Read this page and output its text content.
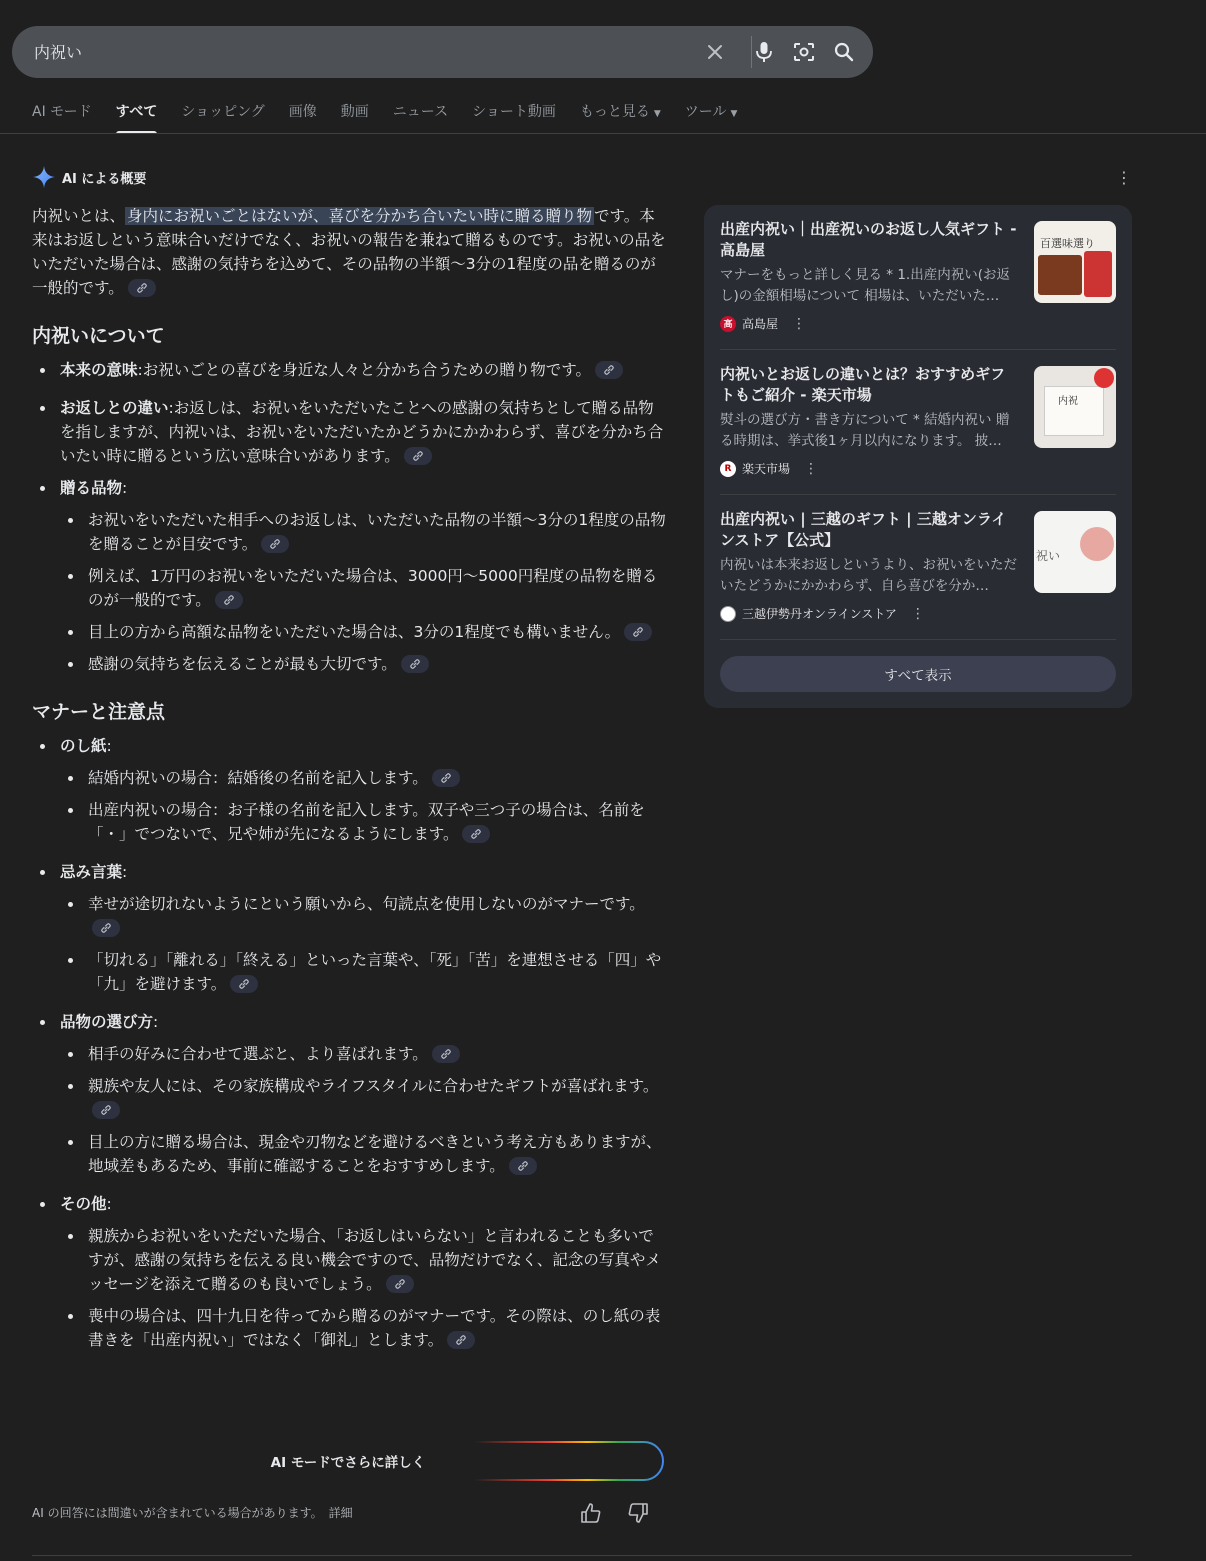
内祝い
AI モード すべて ショッピング 画像 動画 ニュース ショート動画 もっと見る ▼ ツール ▼
AI による概要	⋮

内祝いとは、 身内にお祝いごとはないが、喜びを分かち合いたい時に贈る贈り物 です。本来はお返しという意味合いだけでなく、お祝いの報告を兼ねて贈るものです。お祝いの品をいただいた場合は、感謝の気持ちを込めて、その品物の半額〜3分の1程度の品を贈るのが一般的です。

内祝いについて
本来の意味:お祝いごとの喜びを身近な人々と分かち合うための贈り物です。
お返しとの違い:お返しは、お祝いをいただいたことへの感謝の気持ちとして贈る品物を指しますが、内祝いは、お祝いをいただいたかどうかにかかわらず、喜びを分かち合いたい時に贈るという広い意味合いがあります。
贈る品物:
お祝いをいただいた相手へのお返しは、いただいた品物の半額〜3分の1程度の品物を贈ることが目安です。
例えば、1万円のお祝いをいただいた場合は、3000円〜5000円程度の品物を贈るのが一般的です。
目上の方から高額な品物をいただいた場合は、3分の1程度でも構いません。
感謝の気持ちを伝えることが最も大切です。
マナーと注意点
のし紙:
結婚内祝いの場合：結婚後の名前を記入します。
出産内祝いの場合：お子様の名前を記入します。双子や三つ子の場合は、名前を「・」でつないで、兄や姉が先になるようにします。
忌み言葉:
幸せが途切れないようにという願いから、句読点を使用しないのがマナーです。
「切れる」「離れる」「終える」といった言葉や、「死」「苦」を連想させる「四」や「九」を避けます。
品物の選び方:
相手の好みに合わせて選ぶと、より喜ばれます。
親族や友人には、その家族構成やライフスタイルに合わせたギフトが喜ばれます。
目上の方に贈る場合は、現金や刃物などを避けるべきという考え方もありますが、地域差もあるため、事前に確認することをおすすめします。
その他:
親族からお祝いをいただいた場合、「お返しはいらない」と言われることも多いですが、感謝の気持ちを伝える良い機会ですので、品物だけでなく、記念の写真やメッセージを添えて贈るのも良いでしょう。
喪中の場合は、四十九日を待ってから贈るのがマナーです。その際は、のし紙の表書きを「出産内祝い」ではなく「御礼」とします。
出産内祝い｜出産祝いのお返し人気ギフト - 高島屋
マナーをもっと詳しく見る * 1.出産内祝い(お返し)の金額相場について 相場は、いただいた…
高 高島屋 ⋮
百選味選り
内祝いとお返しの違いとは？おすすめギフトもご紹介 - 楽天市場
熨斗の選び方・書き方について * 結婚内祝い 贈る時期は、挙式後1ヶ月以内になります。 披…
R 楽天市場 ⋮
内祝
出産内祝い | 三越のギフト | 三越オンラインストア【公式】
内祝いは本来お返しというより、お祝いをいただいたどうかにかかわらず、自ら喜びを分か…
三越伊勢丹オンラインストア ⋮
祝い
すべて表示
AI モードでさらに詳しく
AI の回答には間違いが含まれている場合があります。 詳細
